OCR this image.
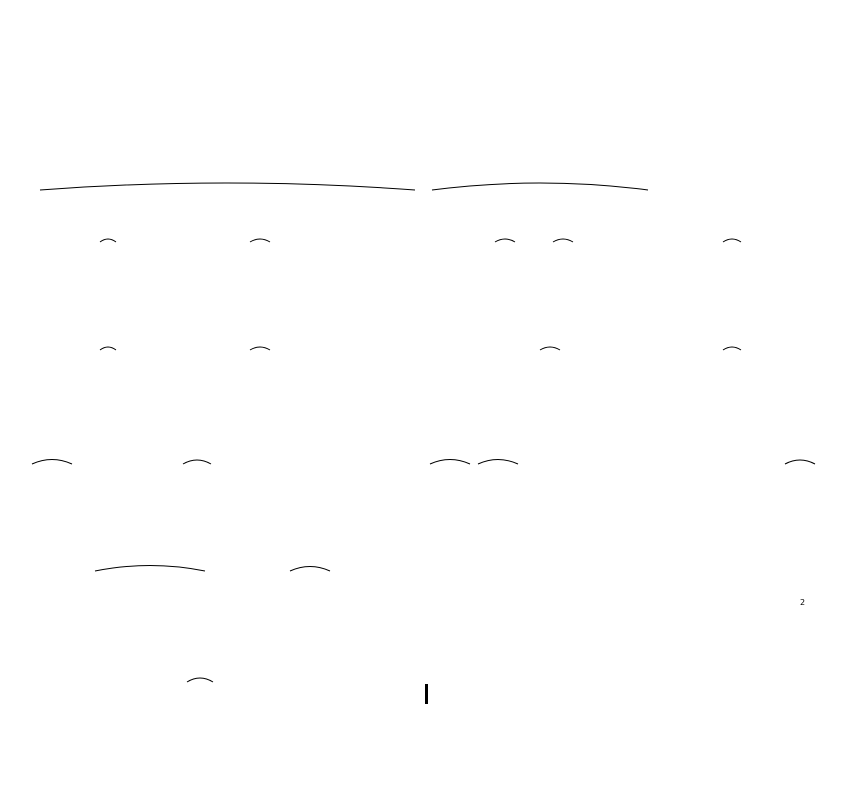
2
